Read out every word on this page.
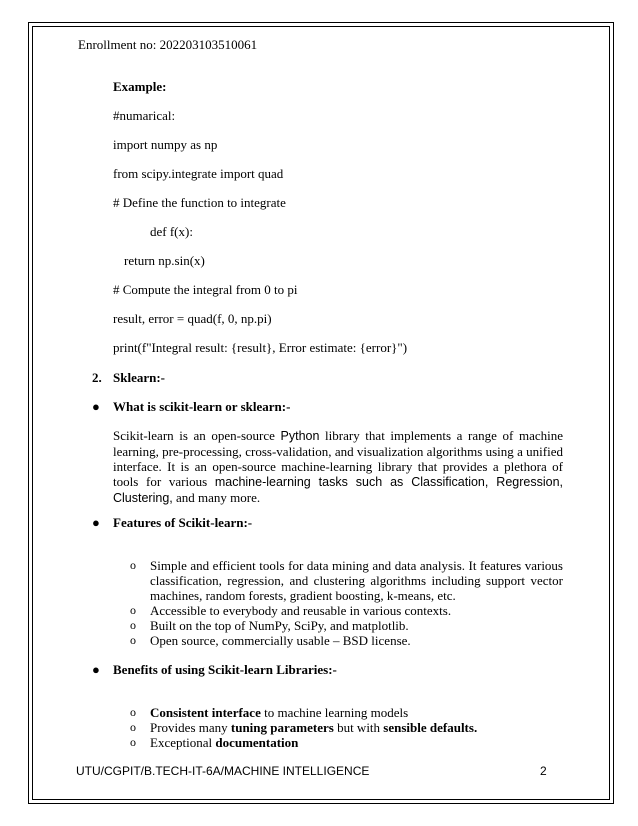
Enrollment no: 202203103510061
Example:
#numarical:
import numpy as np
from scipy.integrate import quad
# Define the function to integrate
def f(x):
return np.sin(x)
# Compute the integral from 0 to pi
result, error = quad(f, 0, np.pi)
print(f"Integral result: {result}, Error estimate: {error}")
2. Sklearn:-
● What is scikit-learn or sklearn:-
Scikit-learn is an open-source Python library that implements a range of machine learning, pre-processing, cross-validation, and visualization algorithms using a unified interface. It is an open-source machine-learning library that provides a plethora of tools for various machine-learning tasks such as Classification, Regression, Clustering, and many more.
● Features of Scikit-learn:-
o Simple and efficient tools for data mining and data analysis. It features various classification, regression, and clustering algorithms including support vector machines, random forests, gradient boosting, k-means, etc.
o Accessible to everybody and reusable in various contexts.
o Built on the top of NumPy, SciPy, and matplotlib.
o Open source, commercially usable – BSD license.
● Benefits of using Scikit-learn Libraries:-
o Consistent interface to machine learning models
o Provides many tuning parameters but with sensible defaults.
o Exceptional documentation
UTU/CGPIT/B.TECH-IT-6A/MACHINE INTELLIGENCE	2
